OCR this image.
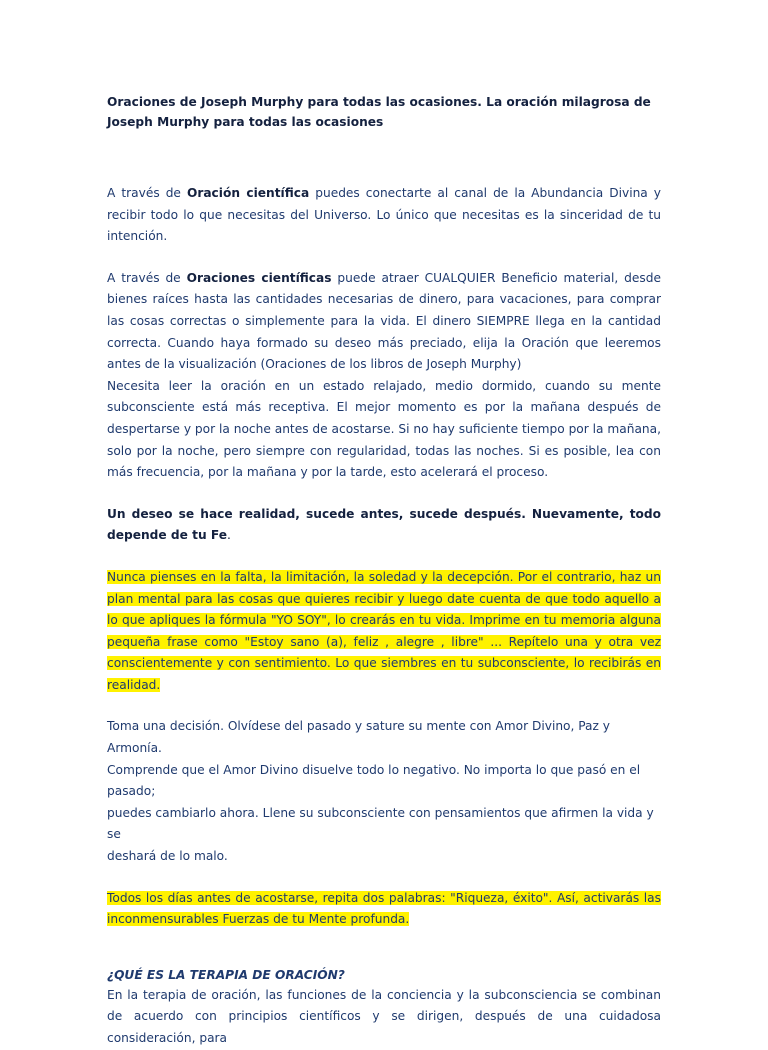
Oraciones de Joseph Murphy para todas las ocasiones. La oración milagrosa de Joseph Murphy para todas las ocasiones

A través de Oración científica puedes conectarte al canal de la Abundancia Divina y recibir todo lo que necesitas del Universo. Lo único que necesitas es la sinceridad de tu intención.

A través de Oraciones científicas puede atraer CUALQUIER Beneficio material, desde bienes raíces hasta las cantidades necesarias de dinero, para vacaciones, para comprar las cosas correctas o simplemente para la vida. El dinero SIEMPRE llega en la cantidad correcta. Cuando haya formado su deseo más preciado, elija la Oración que leeremos antes de la visualización (Oraciones de los libros de Joseph Murphy)

Necesita leer la oración en un estado relajado, medio dormido, cuando su mente subconsciente está más receptiva. El mejor momento es por la mañana después de despertarse y por la noche antes de acostarse. Si no hay suficiente tiempo por la mañana, solo por la noche, pero siempre con regularidad, todas las noches. Si es posible, lea con más frecuencia, por la mañana y por la tarde, esto acelerará el proceso.

Un deseo se hace realidad, sucede antes, sucede después. Nuevamente, todo depende de tu Fe.

Nunca pienses en la falta, la limitación, la soledad y la decepción. Por el contrario, haz un plan mental para las cosas que quieres recibir y luego date cuenta de que todo aquello a lo que apliques la fórmula "YO SOY", lo crearás en tu vida. Imprime en tu memoria alguna pequeña frase como "Estoy sano (a), feliz , alegre , libre" ... Repítelo una y otra vez conscientemente y con sentimiento. Lo que siembres en tu subconsciente, lo recibirás en realidad.

Toma una decisión. Olvídese del pasado y sature su mente con Amor Divino, Paz y Armonía.
Comprende que el Amor Divino disuelve todo lo negativo. No importa lo que pasó en el pasado;
puedes cambiarlo ahora. Llene su subconsciente con pensamientos que afirmen la vida y se
deshará de lo malo.

Todos los días antes de acostarse, repita dos palabras: "Riqueza, éxito". Así, activarás las inconmensurables Fuerzas de tu Mente profunda.

¿QUÉ ES LA TERAPIA DE ORACIÓN?

En la terapia de oración, las funciones de la conciencia y la subconsciencia se combinan de acuerdo con principios científicos y se dirigen, después de una cuidadosa consideración, para
